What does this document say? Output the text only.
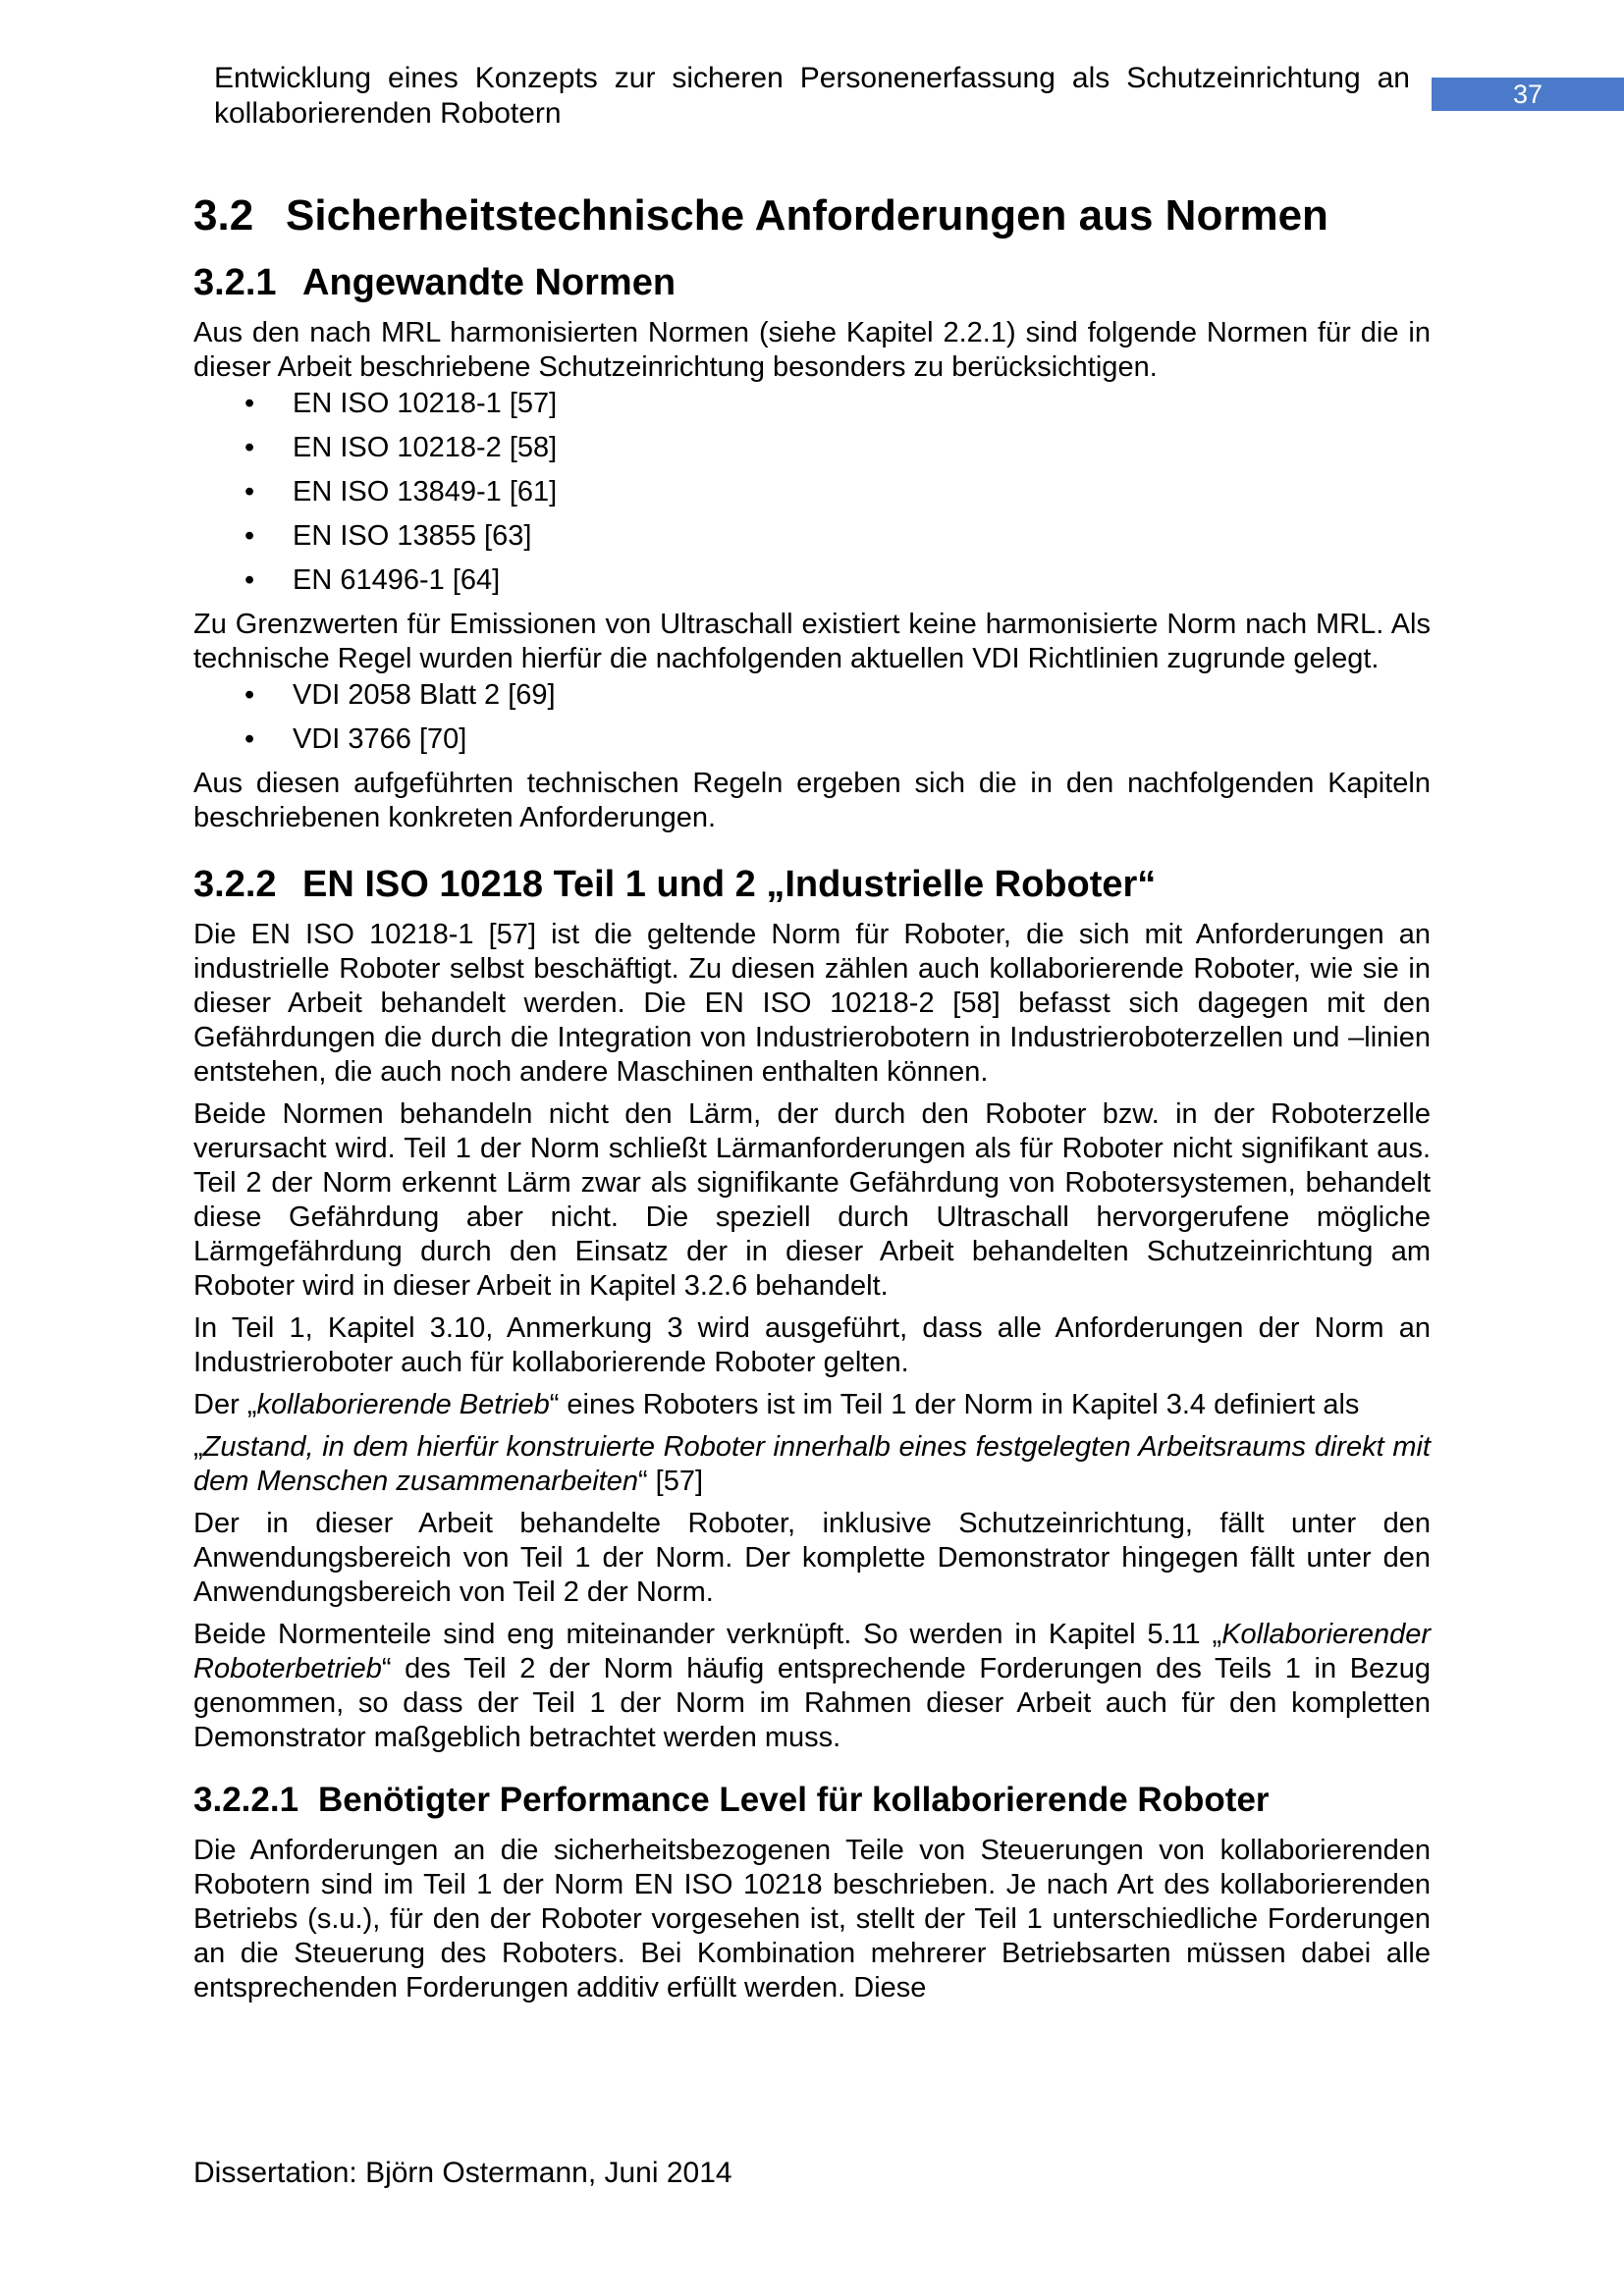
Entwicklung eines Konzepts zur sicheren Personenerfassung als Schutzeinrichtung an kollaborierenden Robotern
37
3.2 Sicherheitstechnische Anforderungen aus Normen
3.2.1 Angewandte Normen

Aus den nach MRL harmonisierten Normen (siehe Kapitel 2.2.1) sind folgende Normen für die in dieser Arbeit beschriebene Schutzeinrichtung besonders zu berücksichtigen.

• EN ISO 10218-1 [57]
• EN ISO 10218-2 [58]
• EN ISO 13849-1 [61]
• EN ISO 13855 [63]
• EN 61496-1 [64]

Zu Grenzwerten für Emissionen von Ultraschall existiert keine harmonisierte Norm nach MRL. Als technische Regel wurden hierfür die nachfolgenden aktuellen VDI Richtlinien zugrunde gelegt.

• VDI 2058 Blatt 2 [69]
• VDI 3766 [70]

Aus diesen aufgeführten technischen Regeln ergeben sich die in den nachfolgenden Kapiteln beschriebenen konkreten Anforderungen.

3.2.2 EN ISO 10218 Teil 1 und 2 „Industrielle Roboter“

Die EN ISO 10218-1 [57] ist die geltende Norm für Roboter, die sich mit Anforderungen an industrielle Roboter selbst beschäftigt. Zu diesen zählen auch kollaborierende Roboter, wie sie in dieser Arbeit behandelt werden. Die EN ISO 10218-2 [58] befasst sich dagegen mit den Gefährdungen die durch die Integration von Industrierobotern in Industrieroboterzellen und –linien entstehen, die auch noch andere Maschinen enthalten können.

Beide Normen behandeln nicht den Lärm, der durch den Roboter bzw. in der Roboterzelle verursacht wird. Teil 1 der Norm schließt Lärmanforderungen als für Roboter nicht signifikant aus. Teil 2 der Norm erkennt Lärm zwar als signifikante Gefährdung von Robotersystemen, behandelt diese Gefährdung aber nicht. Die speziell durch Ultraschall hervorgerufene mögliche Lärmgefährdung durch den Einsatz der in dieser Arbeit behandelten Schutzeinrichtung am Roboter wird in dieser Arbeit in Kapitel 3.2.6 behandelt.

In Teil 1, Kapitel 3.10, Anmerkung 3 wird ausgeführt, dass alle Anforderungen der Norm an Industrieroboter auch für kollaborierende Roboter gelten.

Der „kollaborierende Betrieb“ eines Roboters ist im Teil 1 der Norm in Kapitel 3.4 definiert als

„Zustand, in dem hierfür konstruierte Roboter innerhalb eines festgelegten Arbeitsraums direkt mit dem Menschen zusammenarbeiten“ [57]

Der in dieser Arbeit behandelte Roboter, inklusive Schutzeinrichtung, fällt unter den Anwendungsbereich von Teil 1 der Norm. Der komplette Demonstrator hingegen fällt unter den Anwendungsbereich von Teil 2 der Norm.

Beide Normenteile sind eng miteinander verknüpft. So werden in Kapitel 5.11 „Kollaborierender Roboterbetrieb“ des Teil 2 der Norm häufig entsprechende Forderungen des Teils 1 in Bezug genommen, so dass der Teil 1 der Norm im Rahmen dieser Arbeit auch für den kompletten Demonstrator maßgeblich betrachtet werden muss.

3.2.2.1 Benötigter Performance Level für kollaborierende Roboter

Die Anforderungen an die sicherheitsbezogenen Teile von Steuerungen von kollaborierenden Robotern sind im Teil 1 der Norm EN ISO 10218 beschrieben. Je nach Art des kollaborierenden Betriebs (s.u.), für den der Roboter vorgesehen ist, stellt der Teil 1 unterschiedliche Forderungen an die Steuerung des Roboters. Bei Kombination mehrerer Betriebsarten müssen dabei alle entsprechenden Forderungen additiv erfüllt werden. Diese

Dissertation: Björn Ostermann, Juni 2014
